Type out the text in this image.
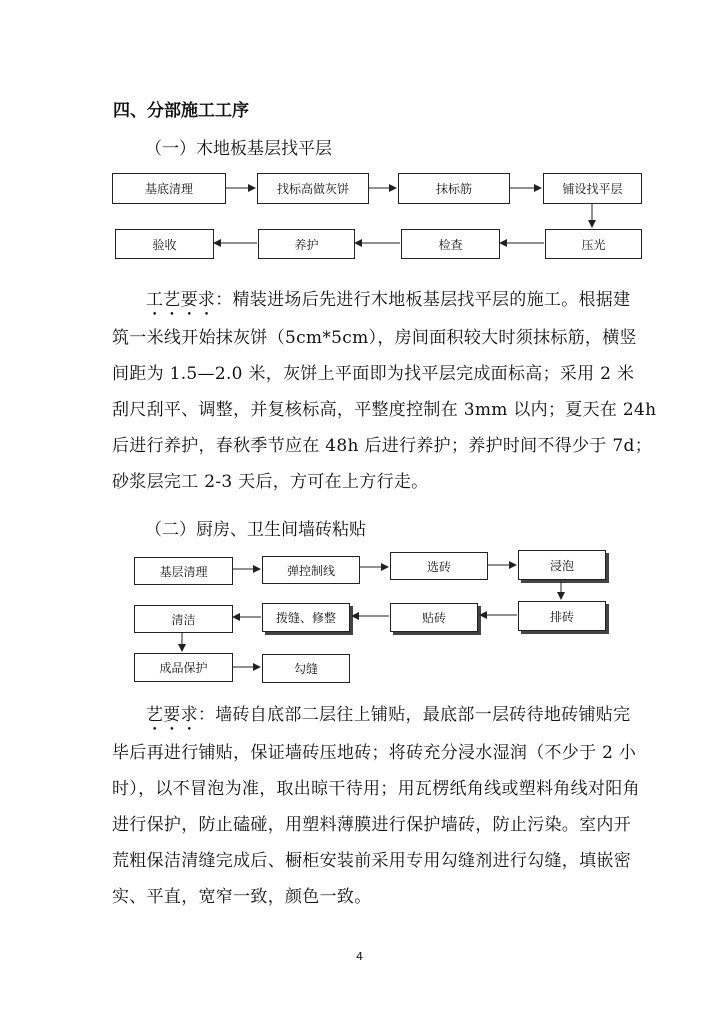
四、分部施工工序
（一）木地板基层找平层
基底清理	找标高做灰饼	抹标筋	铺设找平层
验收	养护	检查	压光
基层清理	弹控制线	选砖	浸泡
清洁	拨缝、修整	贴砖	排砖
成品保护	勾缝
工艺要求：精装进场后先进行木地板基层找平层的施工。根据建
筑一米线开始抹灰饼（5cm*5cm），房间面积较大时须抹标筋，横竖
间距为 1.5—2.0 米，灰饼上平面即为找平层完成面标高；采用 2 米
刮尺刮平、调整，并复核标高，平整度控制在 3mm 以内；夏天在 24h
后进行养护，春秋季节应在 48h 后进行养护；养护时间不得少于 7d；
砂浆层完工 2-3 天后，方可在上方行走。
（二）厨房、卫生间墙砖粘贴
艺要求：墙砖自底部二层往上铺贴，最底部一层砖待地砖铺贴完
毕后再进行铺贴，保证墙砖压地砖；将砖充分浸水湿润（不少于 2 小
时），以不冒泡为准，取出晾干待用；用瓦楞纸角线或塑料角线对阳角
进行保护，防止磕碰，用塑料薄膜进行保护墙砖，防止污染。室内开
荒粗保洁清缝完成后、橱柜安装前采用专用勾缝剂进行勾缝，填嵌密
实、平直，宽窄一致，颜色一致。
4
